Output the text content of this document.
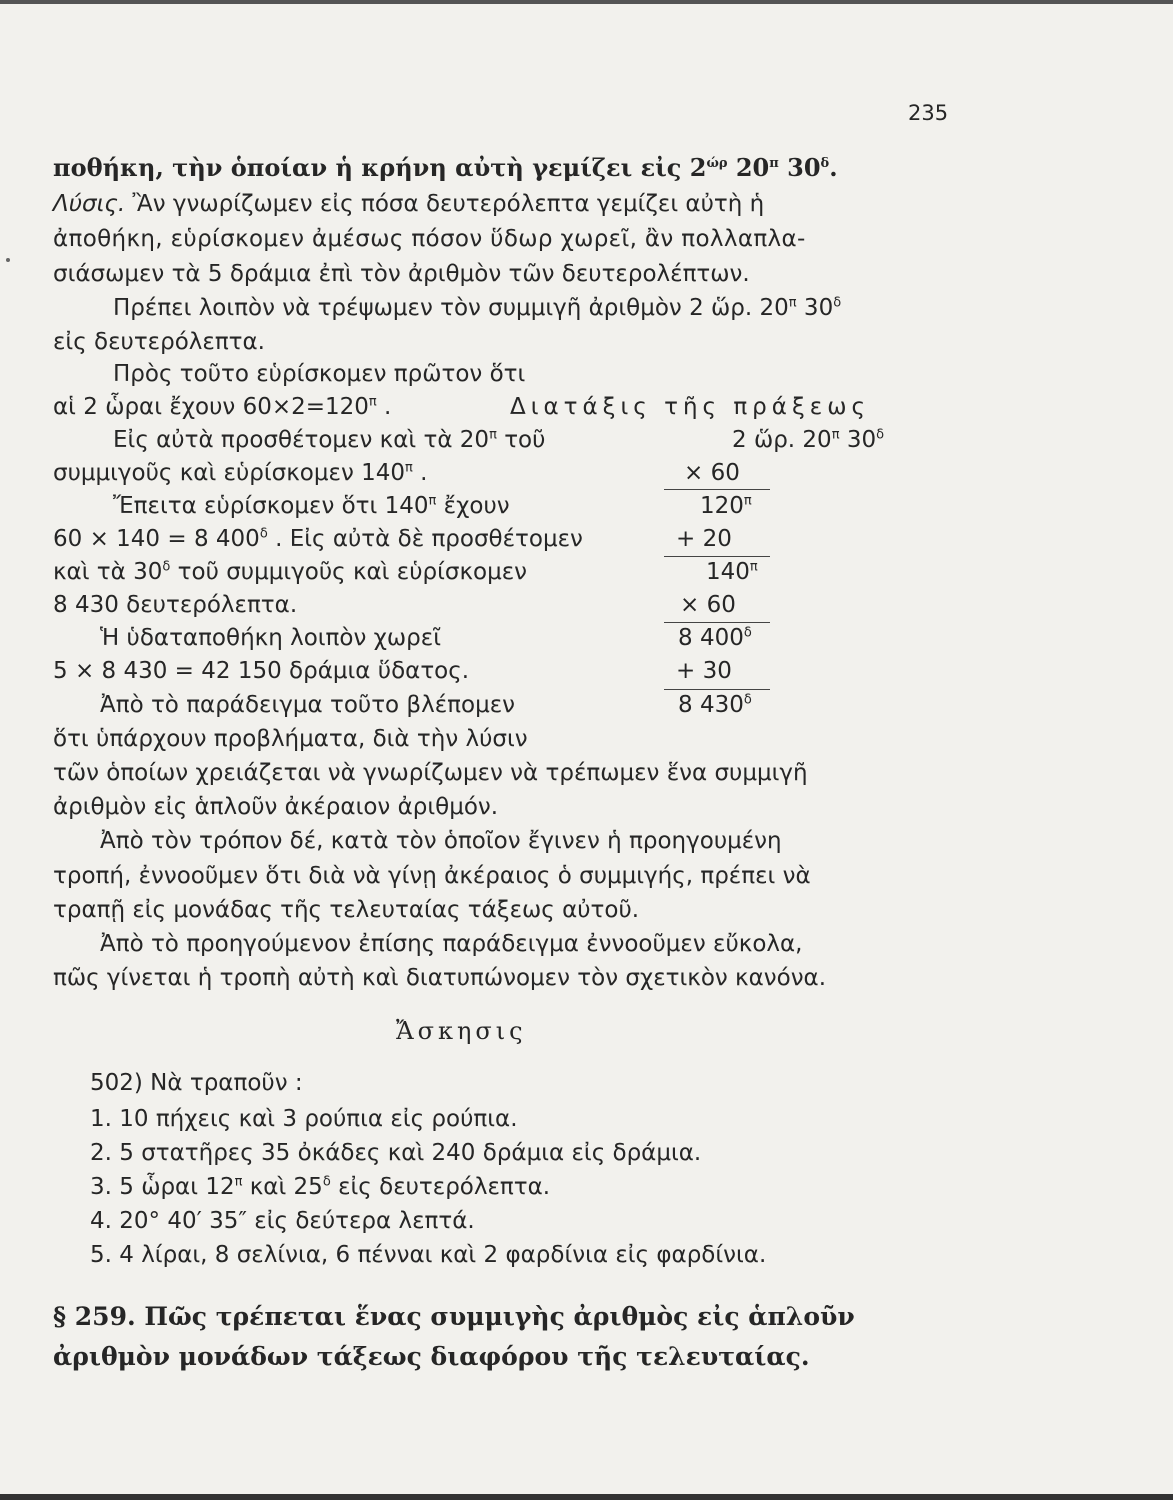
235
ποθήκη, τὴν ὁποίαν ἡ κρήνη αὐτὴ γεμίζει εἰς $2^{ώ\rho}$ $20^\pi$ $30^\delta$.
Λύσις. Ἂν γνωρίζωμεν εἰς πόσα δευτερόλεπτα γεμίζει αὐτὴ ἡ
ἀποθήκη, εὑρίσκομεν ἀμέσως πόσον ὕδωρ χωρεῖ, ἂν πολλαπλα-
σιάσωμεν τὰ 5 δράμια ἐπὶ τὸν ἀριθμὸν τῶν δευτερολέπτων.
Πρέπει λοιπὸν νὰ τρέψωμεν τὸν συμμιγῆ ἀριθμὸν 2 ὥρ. $20^\pi$ $30^\delta$
εἰς δευτερόλεπτα.
Πρὸς τοῦτο εὑρίσκομεν πρῶτον ὅτι
αἱ 2 ὧραι ἔχουν $60\times 2=120^\pi$ .
Εἰς αὐτὰ προσθέτομεν καὶ τὰ $20^\pi$ τοῦ
συμμιγοῦς καὶ εὑρίσκομεν $140^\pi$ .
Ἔπειτα εὑρίσκομεν ὅτι $140^\pi$ ἔχουν
60 × 140 = 8 $400^\delta$ . Εἰς αὐτὰ δὲ προσθέτομεν
καὶ τὰ $30^\delta$ τοῦ συμμιγοῦς καὶ εὑρίσκομεν
8 430 δευτερόλεπτα.
Ἡ ὑδαταποθήκη λοιπὸν χωρεῖ
5 × 8 430 = 42 150 δράμια ὕδατος.
Ἀπὸ τὸ παράδειγμα τοῦτο βλέπομεν
ὅτι ὑπάρχουν προβλήματα, διὰ τὴν λύσιν
τῶν ὁποίων χρειάζεται νὰ γνωρίζωμεν νὰ τρέπωμεν ἕνα συμμιγῆ
ἀριθμὸν εἰς ἁπλοῦν ἀκέραιον ἀριθμόν.
Ἀπὸ τὸν τρόπον δέ, κατὰ τὸν ὁποῖον ἔγινεν ἡ προηγουμένη
τροπή, ἐννοοῦμεν ὅτι διὰ νὰ γίνῃ ἀκέραιος ὁ συμμιγής, πρέπει νὰ
τραπῇ εἰς μονάδας τῆς τελευταίας τάξεως αὐτοῦ.
Ἀπὸ τὸ προηγούμενον ἐπίσης παράδειγμα ἐννοοῦμεν εὔκολα,
πῶς γίνεται ἡ τροπὴ αὐτὴ καὶ διατυπώνομεν τὸν σχετικὸν κανόνα.
Διατάξις τῆς πράξεως
2 ὥρ. $20^\pi$ $30^\delta$
× 60
$120^\pi$
+ 20
$140^\pi$
× 60
8 $400^\delta$
+ 30
8 $430^\delta$
Ἄσκησις
502) Νὰ τραποῦν :
1. 10 πήχεις καὶ 3 ρούπια εἰς ρούπια.
2. 5 στατῆρες 35 ὀκάδες καὶ 240 δράμια εἰς δράμια.
3. 5 ὧραι $12^\pi$ καὶ $25^\delta$ εἰς δευτερόλεπτα.
4. 20° 40′ 35″ εἰς δεύτερα λεπτά.
5. 4 λίραι, 8 σελίνια, 6 πένναι καὶ 2 φαρδίνια εἰς φαρδίνια.
§ 259. Πῶς τρέπεται ἕνας συμμιγὴς ἀριθμὸς εἰς ἁπλοῦν
ἀριθμὸν μονάδων τάξεως διαφόρου τῆς τελευταίας.
